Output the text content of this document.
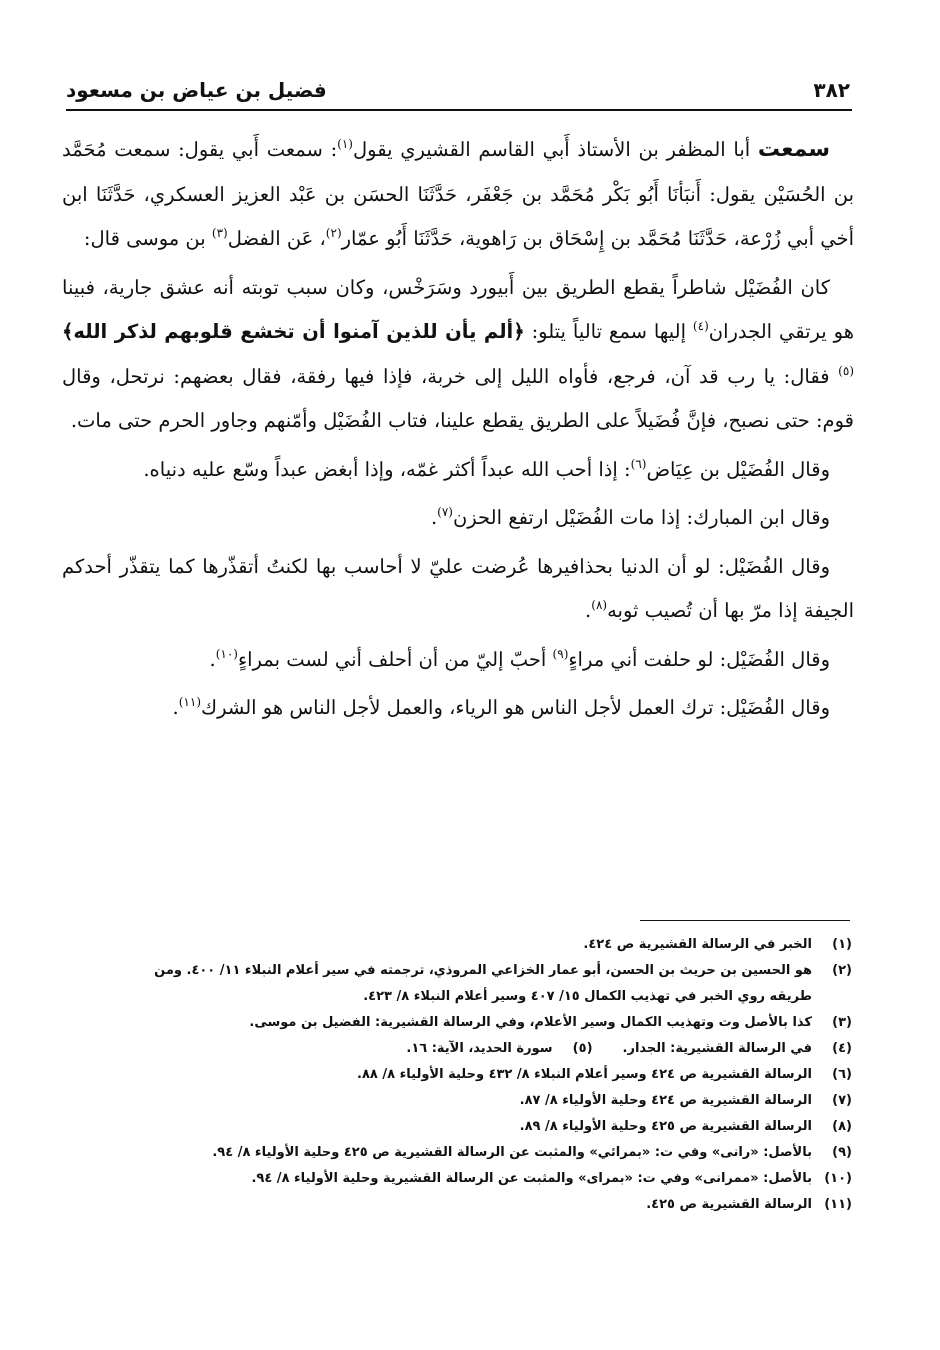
٣٨٢
فضيل بن عياض بن مسعود

سمعت أبا المظفر بن الأستاذ أَبي القاسم القشيري يقول$^{(١)}$: سمعت أَبي يقول: سمعت مُحَمَّد بن الحُسَيْن يقول: أَنبَأنَا أَبُو بَكْر مُحَمَّد بن جَعْفَر، حَدَّثَنَا الحسَن بن عَبْد العزيز العسكري، حَدَّثَنَا ابن أخي أبي زُرْعة، حَدَّثَنَا مُحَمَّد بن إِسْحَاق بن رَاهوية، حَدَّثَنَا أَبُو عمّار$^{(٢)}$، عَن الفضل$^{(٣)}$ بن موسى قال:

كان الفُضَيْل شاطراً يقطع الطريق بين أَبيورد وسَرَخْس، وكان سبب توبته أنه عشق جارية، فبينا هو يرتقي الجدران$^{(٤)}$ إليها سمع تالياً يتلو: ﴿ألم يأن للذين آمنوا أن تخشع قلوبهم لذكر الله﴾$^{(٥)}$ فقال: يا رب قد آن، فرجع، فأواه الليل إلى خربة، فإذا فيها رفقة، فقال بعضهم: نرتحل، وقال قوم: حتى نصبح، فإنَّ فُضَيلاً على الطريق يقطع علينا، فتاب الفُضَيْل وأمّنهم وجاور الحرم حتى مات.

وقال الفُضَيْل بن عِيَاض$^{(٦)}$: إذا أحب الله عبداً أكثر غمّه، وإذا أبغض عبداً وسّع عليه دنياه.

وقال ابن المبارك: إذا مات الفُضَيْل ارتفع الحزن$^{(٧)}$.

وقال الفُضَيْل: لو أن الدنيا بحذافيرها عُرضت عليّ لا أحاسب بها لكنتُ أتقذّرها كما يتقذّر أحدكم الجيفة إذا مرّ بها أن تُصيب ثوبه$^{(٨)}$.

وقال الفُضَيْل: لو حلفت أني مراءٍ$^{(٩)}$ أحبّ إليّ من أن أحلف أني لست بمراءٍ$^{(١٠)}$.

وقال الفُضَيْل: ترك العمل لأجل الناس هو الرياء، والعمل لأجل الناس هو الشرك$^{(١١)}$.

(١)
الخبر في الرسالة القشيرية ص ٤٢٤.
(٢)
هو الحسين بن حريث بن الحسن، أبو عمار الخزاعي المروذي، ترجمته في سير أعلام النبلاء ١١/ ٤٠٠. ومن طريقه روي الخبر في تهذيب الكمال ١٥/ ٤٠٧ وسير أعلام النبلاء ٨/ ٤٢٣.
(٣)
كذا بالأصل وت وتهذيب الكمال وسير الأعلام، وفي الرسالة القشيرية: الفضيل بن موسى.
(٤)
في الرسالة القشيرية: الجدار.
(٥)
سورة الحديد، الآية: ١٦.
(٦)
الرسالة القشيرية ص ٤٢٤ وسير أعلام النبلاء ٨/ ٤٣٢ وحلية الأولياء ٨/ ٨٨.
(٧)
الرسالة القشيرية ص ٤٢٤ وحلية الأولياء ٨/ ٨٧.
(٨)
الرسالة القشيرية ص ٤٢٥ وحلية الأولياء ٨/ ٨٩.
(٩)
بالأصل: «رانى» وفي ت: «بمرائي» والمثبت عن الرسالة القشيرية ص ٤٢٥ وحلية الأولياء ٨/ ٩٤.
(١٠)
بالأصل: «ممرانى» وفي ت: «بمراى» والمثبت عن الرسالة القشيرية وحلية الأولياء ٨/ ٩٤.
(١١)
الرسالة القشيرية ص ٤٢٥.
